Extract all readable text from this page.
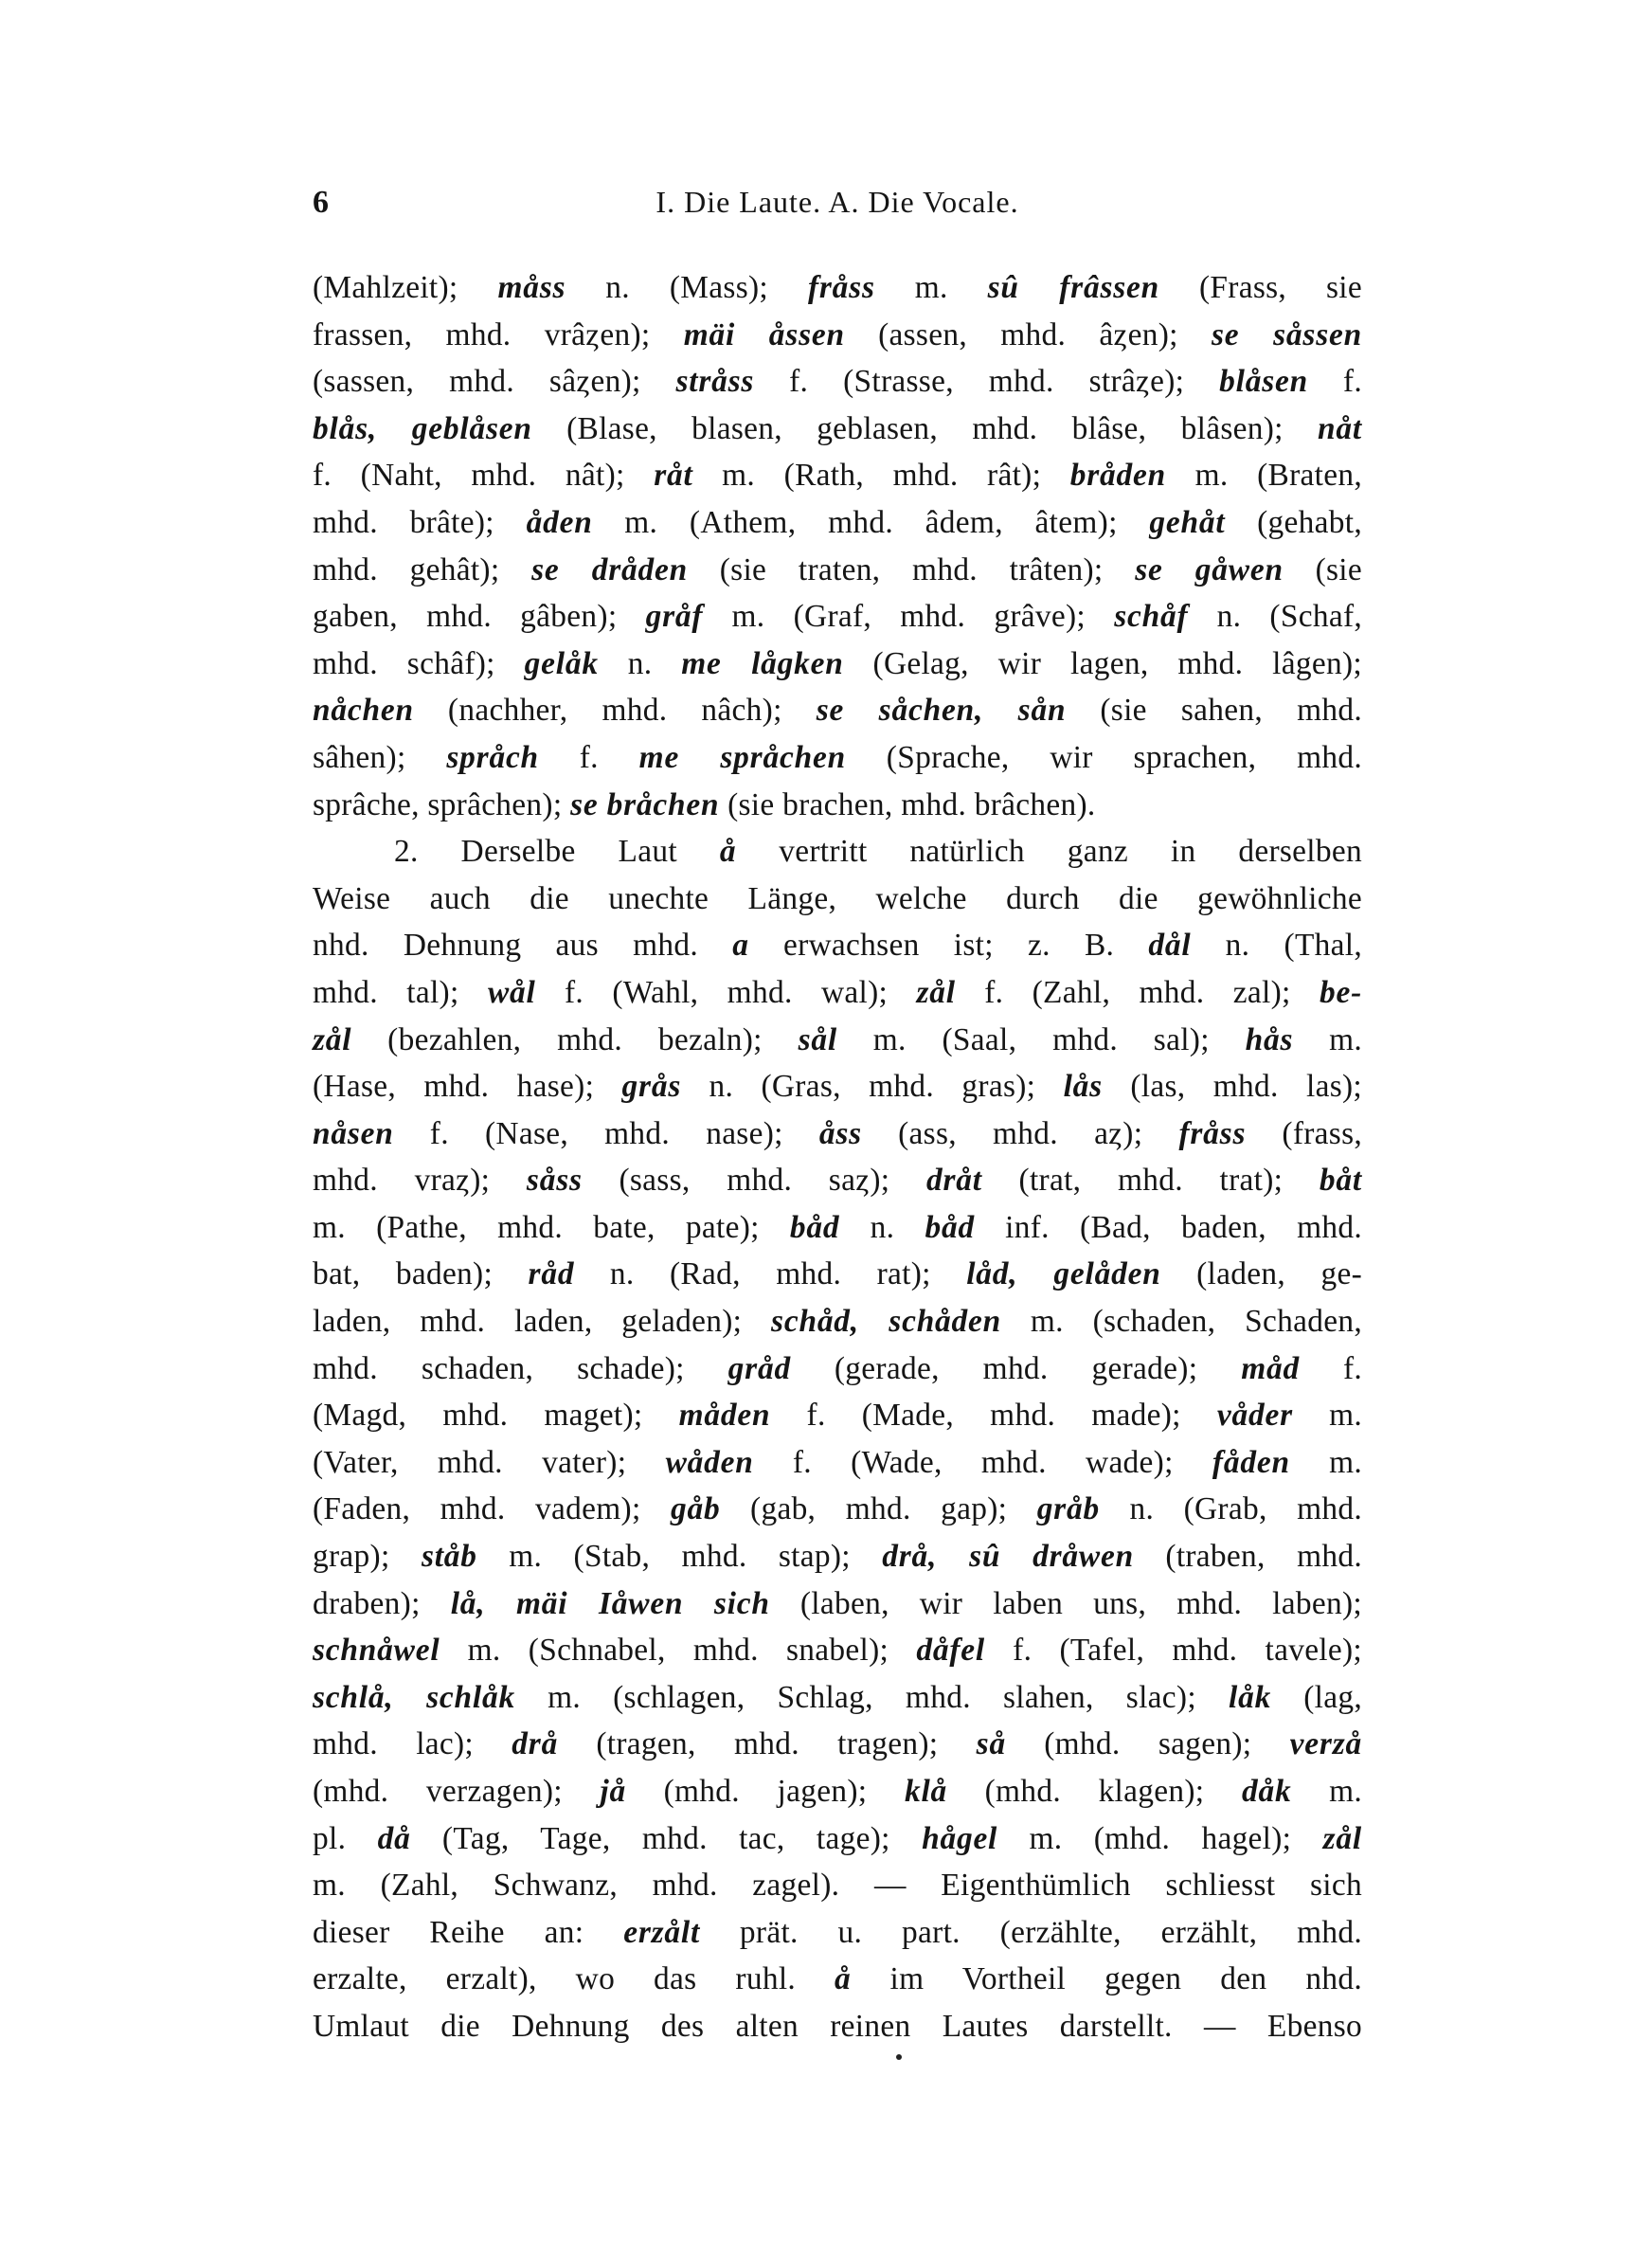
6	I. Die Laute. A. Die Vocale.
(Mahlzeit); måss n. (Mass); fråss m. sû frâssen (Frass, sie
frassen, mhd. vrâȥen); mäi åssen (assen, mhd. âȥen); se såssen
(sassen, mhd. sâȥen); stråss f. (Strasse, mhd. strâȥe); blåsen f.
blås, geblåsen (Blase, blasen, geblasen, mhd. blâse, blâsen); nåt
f. (Naht, mhd. nât); råt m. (Rath, mhd. rât); bråden m. (Braten,
mhd. brâte); åden m. (Athem, mhd. âdem, âtem); gehåt (gehabt,
mhd. gehât); se dråden (sie traten, mhd. trâten); se gåwen (sie
gaben, mhd. gâben); gråf m. (Graf, mhd. grâve); schåf n. (Schaf,
mhd. schâf); gelåk n. me lågken (Gelag, wir lagen, mhd. lâgen);
nåchen (nachher, mhd. nâch); se såchen, sån (sie sahen, mhd.
sâhen); språch f. me språchen (Sprache, wir sprachen, mhd.
sprâche, sprâchen); se bråchen (sie brachen, mhd. brâchen).
2. Derselbe Laut å vertritt natürlich ganz in derselben
Weise auch die unechte Länge, welche durch die gewöhnliche
nhd. Dehnung aus mhd. a erwachsen ist; z. B. dål n. (Thal,
mhd. tal); wål f. (Wahl, mhd. wal); zål f. (Zahl, mhd. zal); be-
zål (bezahlen, mhd. bezaln); sål m. (Saal, mhd. sal); hås m.
(Hase, mhd. hase); grås n. (Gras, mhd. gras); lås (las, mhd. las);
nåsen f. (Nase, mhd. nase); åss (ass, mhd. aȥ); fråss (frass,
mhd. vraȥ); såss (sass, mhd. saȥ); dråt (trat, mhd. trat); båt
m. (Pathe, mhd. bate, pate); båd n. båd inf. (Bad, baden, mhd.
bat, baden); råd n. (Rad, mhd. rat); låd, gelåden (laden, ge-
laden, mhd. laden, geladen); schåd, schåden m. (schaden, Schaden,
mhd. schaden, schade); gråd (gerade, mhd. gerade); måd f.
(Magd, mhd. maget); måden f. (Made, mhd. made); våder m.
(Vater, mhd. vater); wåden f. (Wade, mhd. wade); fåden m.
(Faden, mhd. vadem); gåb (gab, mhd. gap); gråb n. (Grab, mhd.
grap); ståb m. (Stab, mhd. stap); drå, sû dråwen (traben, mhd.
draben); lå, mäi Iåwen sich (laben, wir laben uns, mhd. laben);
schnåwel m. (Schnabel, mhd. snabel); dåfel f. (Tafel, mhd. tavele);
schlå, schlåk m. (schlagen, Schlag, mhd. slahen, slac); låk (lag,
mhd. lac); drå (tragen, mhd. tragen); så (mhd. sagen); verzå
(mhd. verzagen); jå (mhd. jagen); klå (mhd. klagen); dåk m.
pl. då (Tag, Tage, mhd. tac, tage); hågel m. (mhd. hagel); zål
m. (Zahl, Schwanz, mhd. zagel). — Eigenthümlich schliesst sich
dieser Reihe an: erzålt prät. u. part. (erzählte, erzählt, mhd.
erzalte, erzalt), wo das ruhl. å im Vortheil gegen den nhd.
Umlaut die Dehnung des alten reinen Lautes darstellt. — Ebenso
